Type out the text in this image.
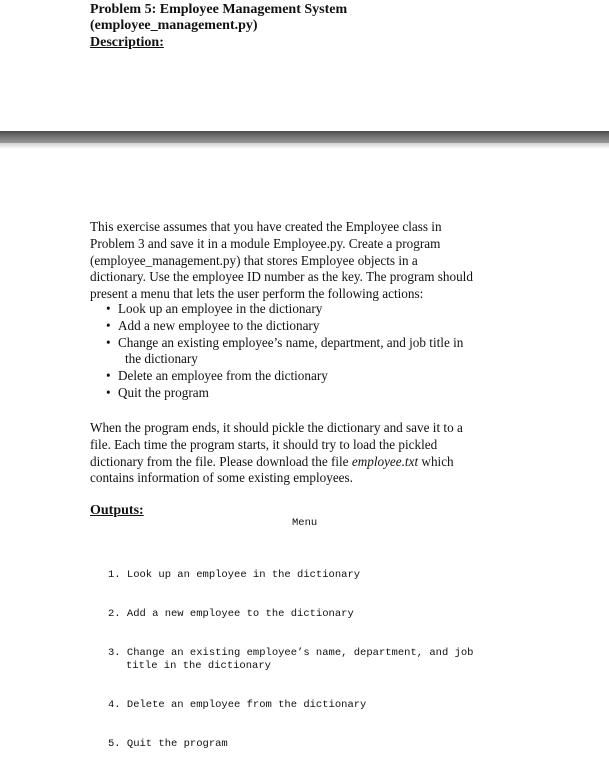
Problem 5: Employee Management System
(employee_management.py)
Description:
This exercise assumes that you have created the Employee class in
Problem 3 and save it in a module Employee.py. Create a program
(employee_management.py) that stores Employee objects in a
dictionary. Use the employee ID number as the key. The program should
present a menu that lets the user perform the following actions:
• Look up an employee in the dictionary
• Add a new employee to the dictionary
• Change an existing employee’s name, department, and job title in
the dictionary
• Delete an employee from the dictionary
• Quit the program
When the program ends, it should pickle the dictionary and save it to a
file. Each time the program starts, it should try to load the pickled
dictionary from the file. Please download the file employee.txt which
contains information of some existing employees.
Outputs:
Menu

1. Look up an employee in the dictionary

2. Add a new employee to the dictionary

3. Change an existing employee’s name, department, and job
title in the dictionary

4. Delete an employee from the dictionary

5. Quit the program
